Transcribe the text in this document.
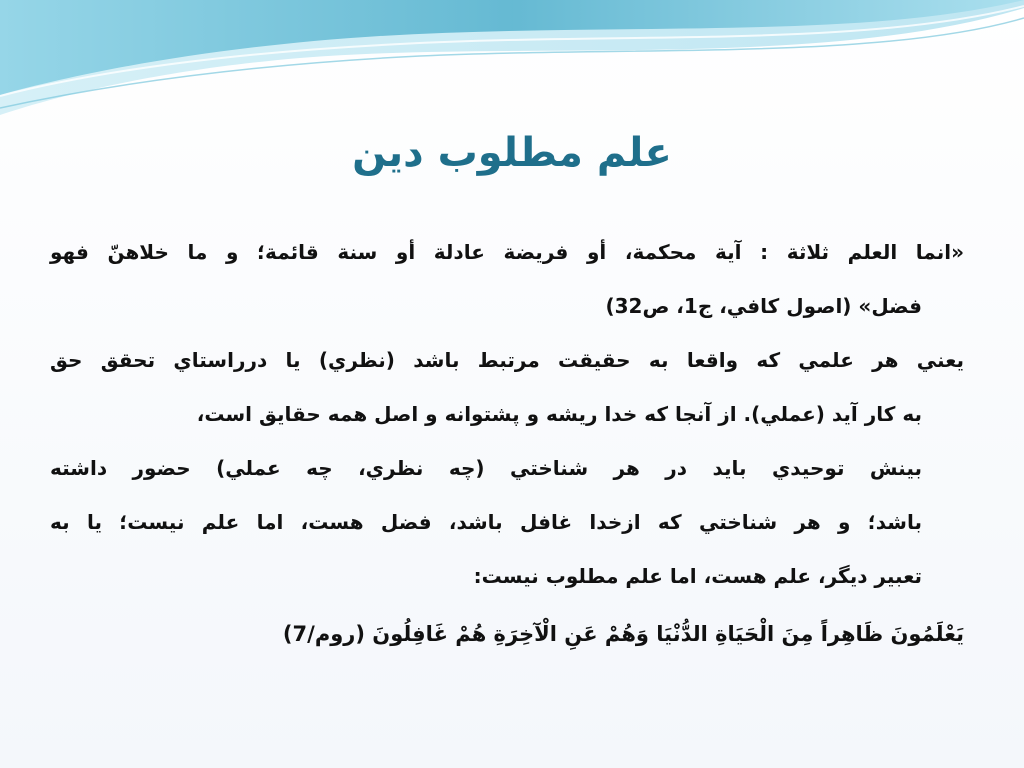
علم مطلوب دين

«انما العلم ثلاثة : آية محكمة، أو فريضة عادلة أو سنة قائمة؛ و ما خلاهنّ فهو
فضل» (اصول كافي، ج1، ص32)

يعني هر علمي كه واقعا به حقيقت مرتبط باشد (نظري) يا درراستاي تحقق حق
به كار آيد (عملي). از آنجا كه خدا ريشه و پشتوانه و اصل همه حقايق است،
بينش توحيدي بايد در هر شناختي (چه نظري، چه عملي) حضور داشته
باشد؛ و هر شناختي كه ازخدا غافل باشد، فضل هست، اما علم نيست؛ يا به
تعبير ديگر، علم هست، اما علم مطلوب نيست:

يَعْلَمُونَ ظَاهِراً مِنَ الْحَيَاةِ الدُّنْيَا وَهُمْ عَنِ الْآخِرَةِ هُمْ غَافِلُونَ (روم/7)
